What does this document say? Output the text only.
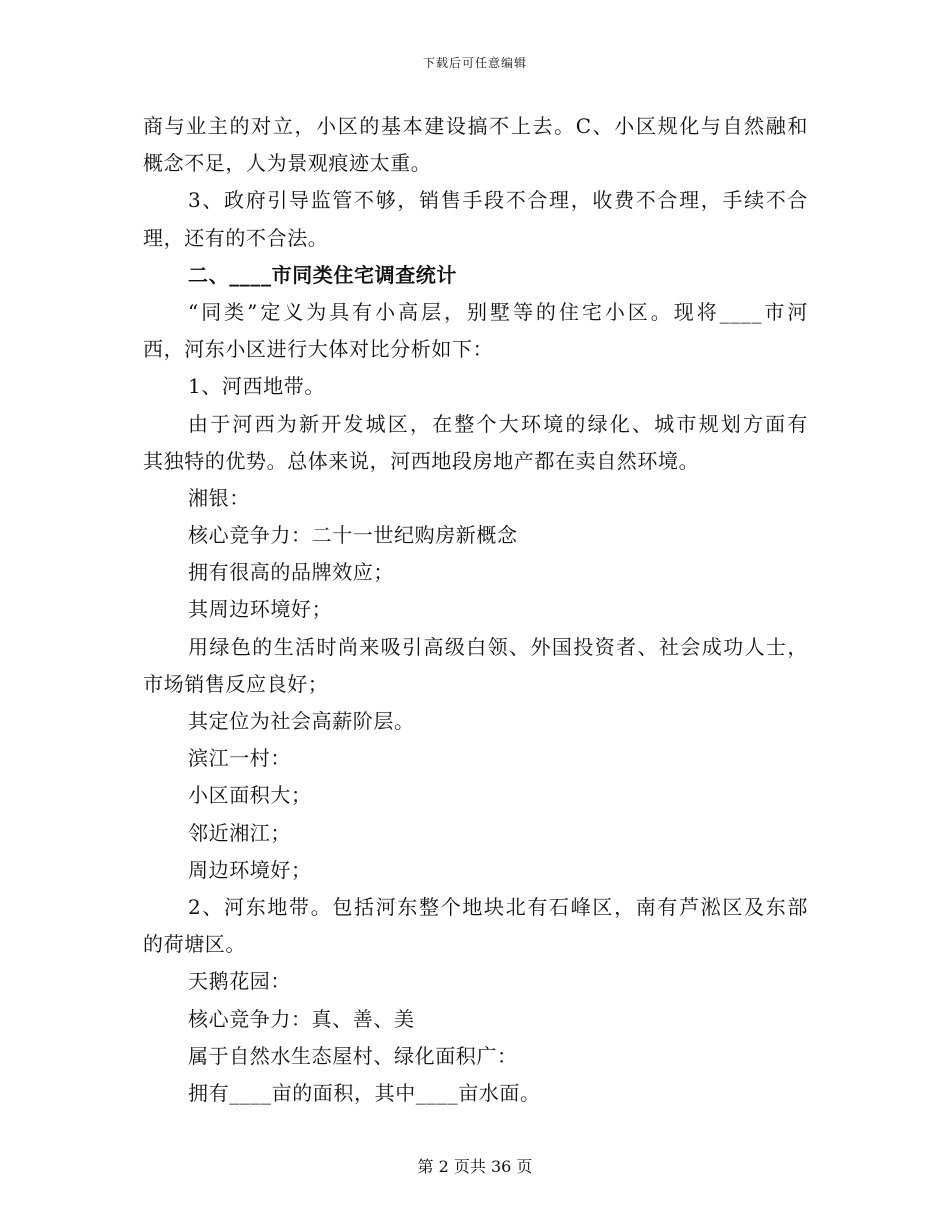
下载后可任意编辑
商与业主的对立，小区的基本建设搞不上去。C、小区规化与自然融和
概念不足，人为景观痕迹太重。
3、政府引导监管不够，销售手段不合理，收费不合理，手续不合
理，还有的不合法。
二、____市同类住宅调查统计
“同类”定义为具有小高层，别墅等的住宅小区。现将____市河
西，河东小区进行大体对比分析如下：
1、河西地带。
由于河西为新开发城区，在整个大环境的绿化、城市规划方面有
其独特的优势。总体来说，河西地段房地产都在卖自然环境。
湘银：
核心竞争力：二十一世纪购房新概念
拥有很高的品牌效应；
其周边环境好；
用绿色的生活时尚来吸引高级白领、外国投资者、社会成功人士，
市场销售反应良好；
其定位为社会高薪阶层。
滨江一村：
小区面积大；
邻近湘江；
周边环境好；
2、河东地带。包括河东整个地块北有石峰区，南有芦淞区及东部
的荷塘区。
天鹅花园：
核心竞争力：真、善、美
属于自然水生态屋村、绿化面积广：
拥有____亩的面积，其中____亩水面。
第 2 页共 36 页
